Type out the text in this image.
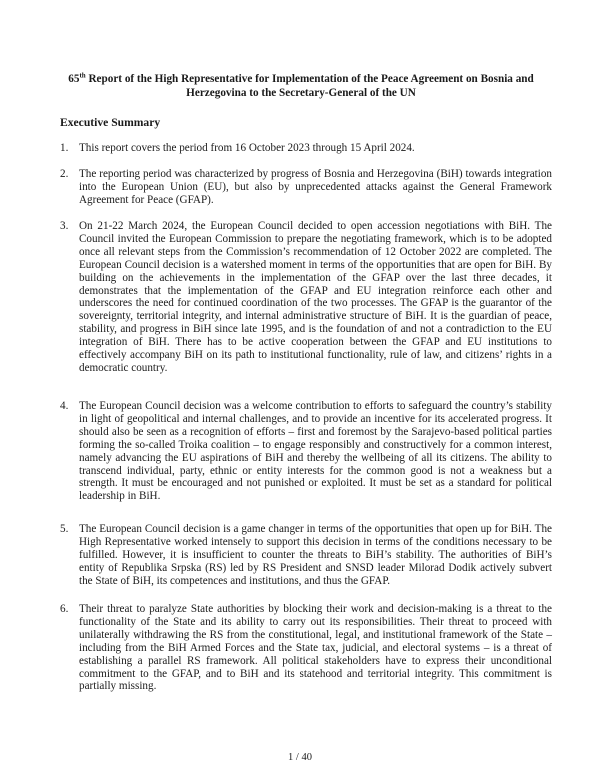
65th Report of the High Representative for Implementation of the Peace Agreement on Bosnia and Herzegovina to the Secretary-General of the UN
Executive Summary
1. This report covers the period from 16 October 2023 through 15 April 2024.
2. The reporting period was characterized by progress of Bosnia and Herzegovina (BiH) towards integration into the European Union (EU), but also by unprecedented attacks against the General Framework Agreement for Peace (GFAP).
3. On 21-22 March 2024, the European Council decided to open accession negotiations with BiH. The Council invited the European Commission to prepare the negotiating framework, which is to be adopted once all relevant steps from the Commission’s recommendation of 12 October 2022 are completed. The European Council decision is a watershed moment in terms of the opportunities that are open for BiH. By building on the achievements in the implementation of the GFAP over the last three decades, it demonstrates that the implementation of the GFAP and EU integration reinforce each other and underscores the need for continued coordination of the two processes. The GFAP is the guarantor of the sovereignty, territorial integrity, and internal administrative structure of BiH. It is the guardian of peace, stability, and progress in BiH since late 1995, and is the foundation of and not a contradiction to the EU integration of BiH. There has to be active cooperation between the GFAP and EU institutions to effectively accompany BiH on its path to institutional functionality, rule of law, and citizens’ rights in a democratic country.
4. The European Council decision was a welcome contribution to efforts to safeguard the country’s stability in light of geopolitical and internal challenges, and to provide an incentive for its accelerated progress. It should also be seen as a recognition of efforts – first and foremost by the Sarajevo-based political parties forming the so-called Troika coalition – to engage responsibly and constructively for a common interest, namely advancing the EU aspirations of BiH and thereby the wellbeing of all its citizens. The ability to transcend individual, party, ethnic or entity interests for the common good is not a weakness but a strength. It must be encouraged and not punished or exploited. It must be set as a standard for political leadership in BiH.
5. The European Council decision is a game changer in terms of the opportunities that open up for BiH. The High Representative worked intensely to support this decision in terms of the conditions necessary to be fulfilled. However, it is insufficient to counter the threats to BiH’s stability. The authorities of BiH’s entity of Republika Srpska (RS) led by RS President and SNSD leader Milorad Dodik actively subvert the State of BiH, its competences and institutions, and thus the GFAP.
6. Their threat to paralyze State authorities by blocking their work and decision-making is a threat to the functionality of the State and its ability to carry out its responsibilities. Their threat to proceed with unilaterally withdrawing the RS from the constitutional, legal, and institutional framework of the State – including from the BiH Armed Forces and the State tax, judicial, and electoral systems – is a threat of establishing a parallel RS framework. All political stakeholders have to express their unconditional commitment to the GFAP, and to BiH and its statehood and territorial integrity. This commitment is partially missing.
1 / 40
